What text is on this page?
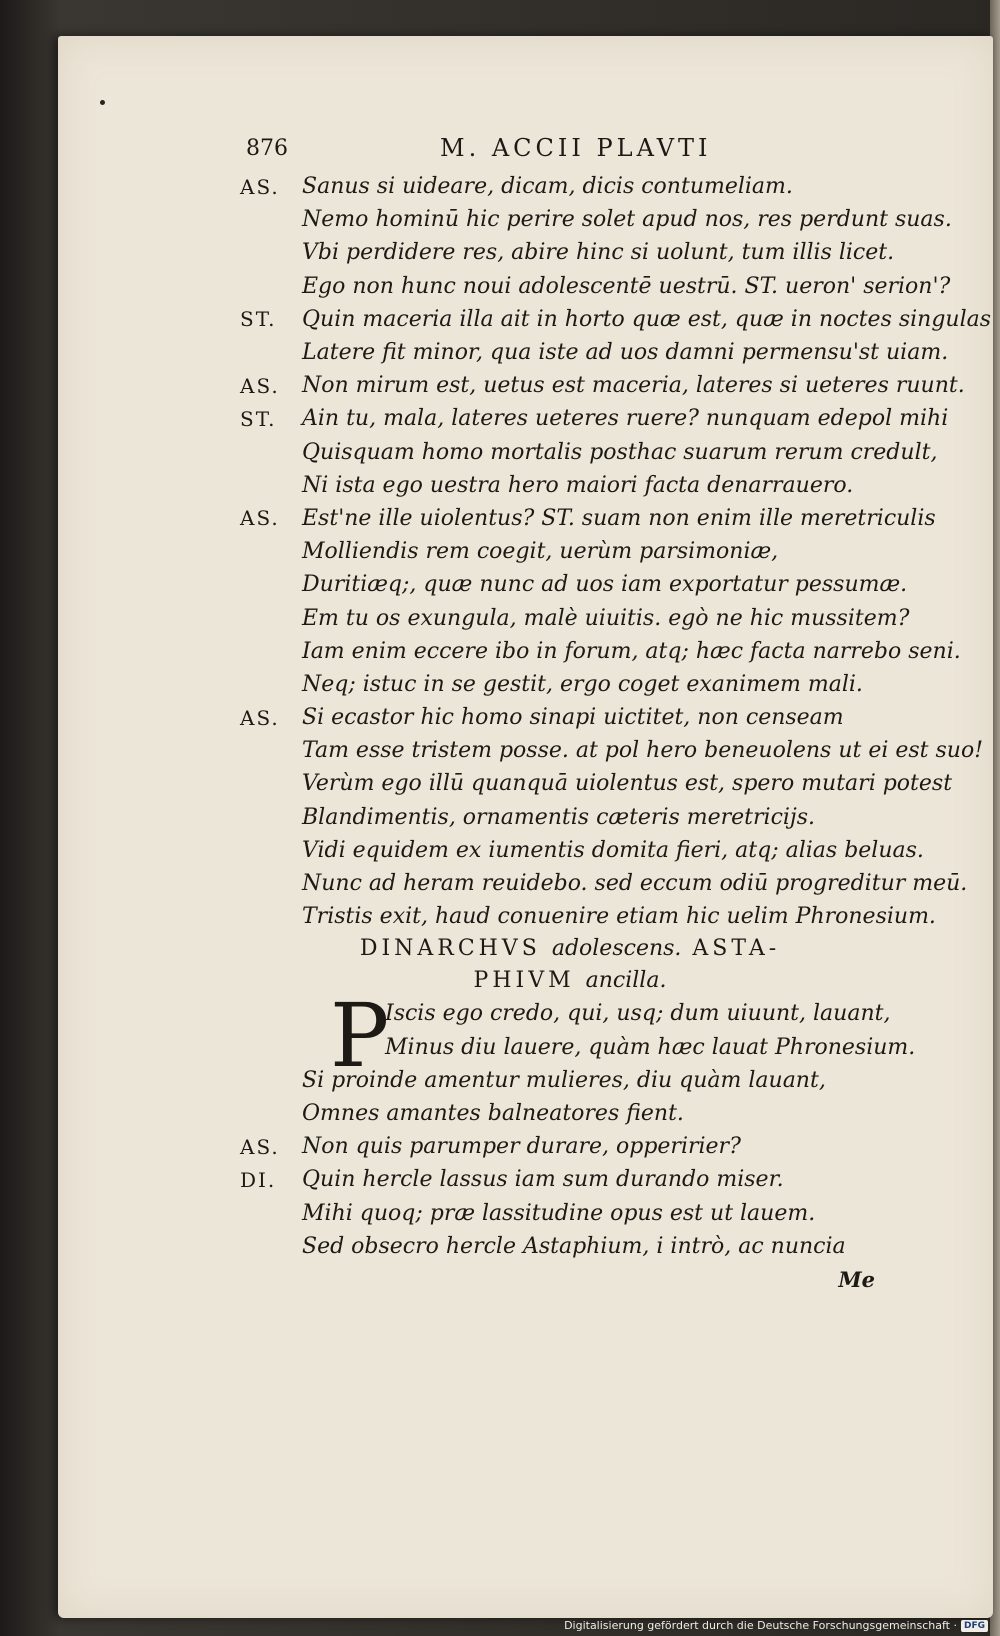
876	M. ACCII PLAVTI
AS.	Sanus si uideare, dicam, dicis contumeliam.
Nemo hominū hic perire solet apud nos, res perdunt suas.
Vbi perdidere res, abire hinc si uolunt, tum illis licet.
Ego non hunc noui adolescentē uestrū. ST. ueron' serion'?
ST.	Quin maceria illa ait in horto quæ est, quæ in noctes singulas
Latere fit minor, qua iste ad uos damni permensu'st uiam.
AS.	Non mirum est, uetus est maceria, lateres si ueteres ruunt.
ST.	Ain tu, mala, lateres ueteres ruere? nunquam edepol mihi
Quisquam homo mortalis posthac suarum rerum credult,
Ni ista ego uestra hero maiori facta denarrauero.
AS.	Est'ne ille uiolentus? ST. suam non enim ille meretriculis
Molliendis rem coegit, uerùm parsimoniæ,
Duritiæq;, quæ nunc ad uos iam exportatur pessumæ.
Em tu os exungula, malè uiuitis. egò ne hic mussitem?
Iam enim eccere ibo in forum, atq; hæc facta narrebo seni.
Neq; istuc in se gestit, ergo coget exanimem mali.
AS.	Si ecastor hic homo sinapi uictitet, non censeam
Tam esse tristem posse. at pol hero beneuolens ut ei est suo!
Verùm ego illū quanquā uiolentus est, spero mutari potest
Blandimentis, ornamentis cæteris meretricijs.
Vidi equidem ex iumentis domita fieri, atq; alias beluas.
Nunc ad heram reuidebo. sed eccum odiū progreditur meū.
Tristis exit, haud conuenire etiam hic uelim Phronesium.
DINARCHVS adolescens. ASTA-
PHIVM ancilla.
P
Iscis ego credo, qui, usq; dum uiuunt, lauant,
Minus diu lauere, quàm hæc lauat Phronesium.
Si proinde amentur mulieres, diu quàm lauant,
Omnes amantes balneatores fient.
AS.	Non quis parumper durare, opperirier?
DI.	Quin hercle lassus iam sum durando miser.
Mihi quoq; præ lassitudine opus est ut lauem.
Sed obsecro hercle Astaphium, i intrò, ac nuncia
Me
Digitalisierung gefördert durch die Deutsche Forschungsgemeinschaft · DFG
